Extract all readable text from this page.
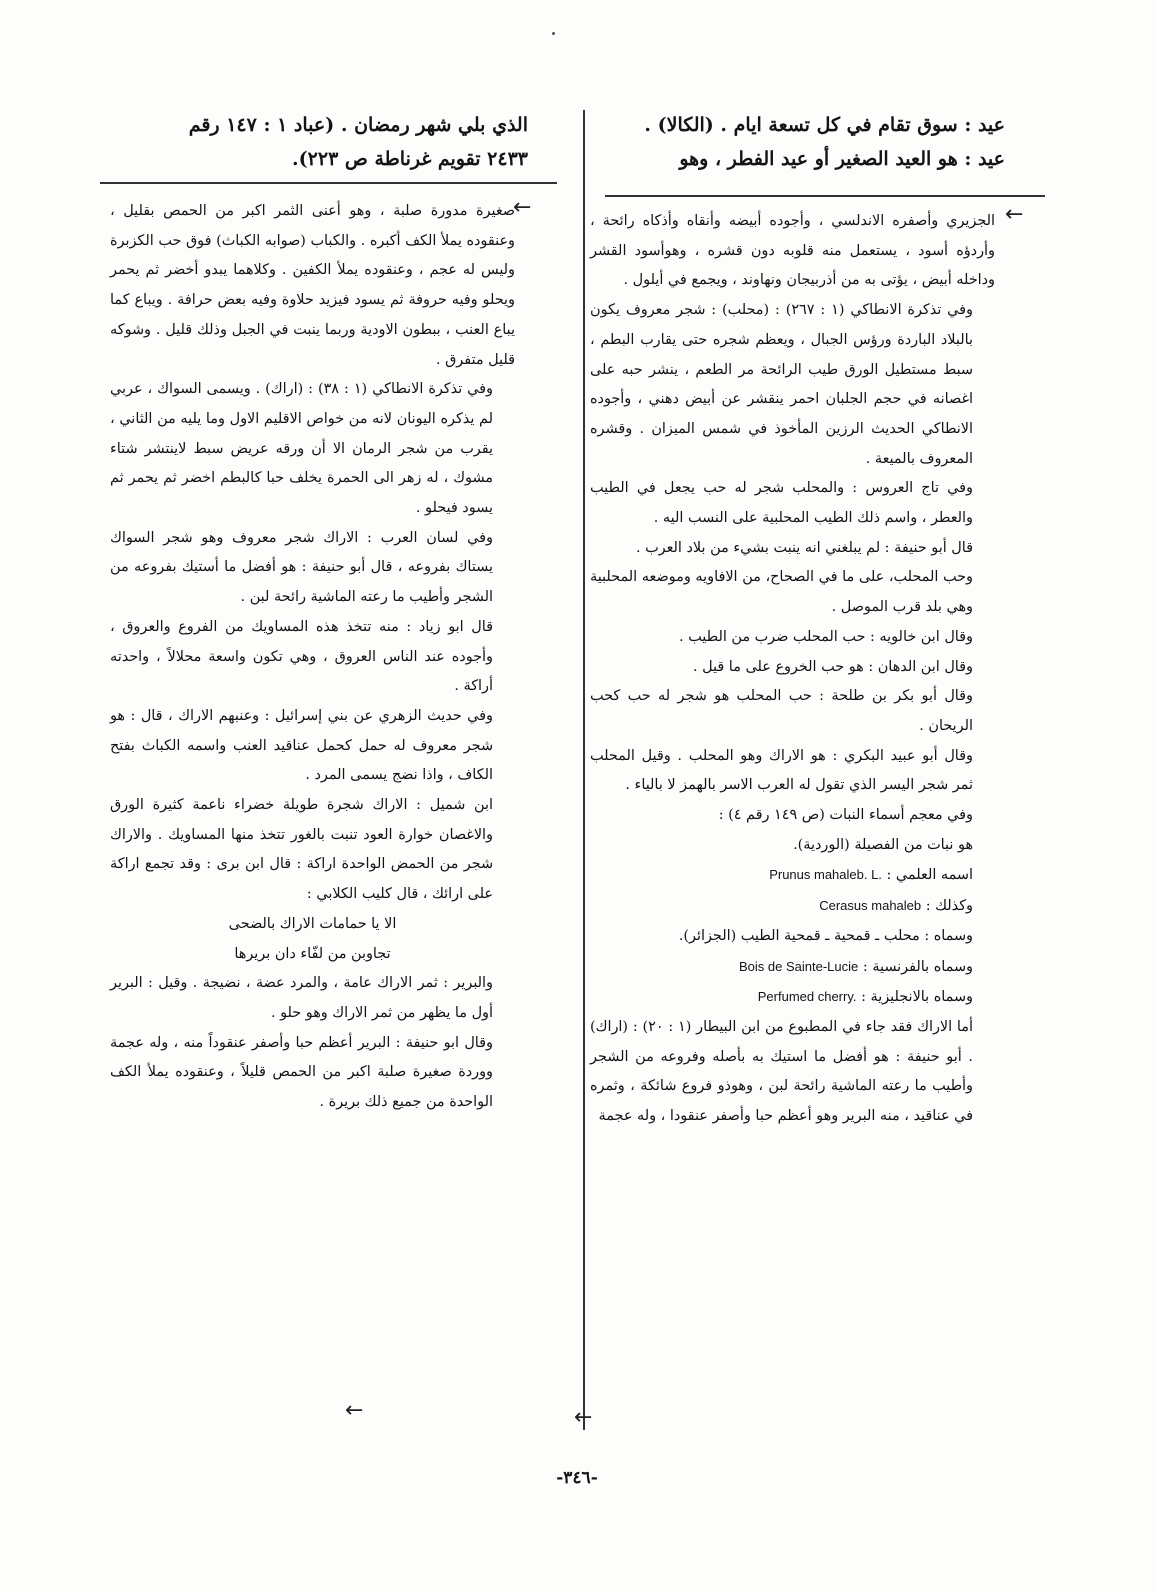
عيد : سوق تقام في كل تسعة ايام . (الكالا) .

عيد : هو العيد الصغير أو عيد الفطر ، وهو

الذي بلي شهر رمضان . (عباد ١ : ١٤٧ رقم

٢٤٣٣ تقويم غرناطة ص ٢٢٣).

←
←
←
←

الجزيري وأصفره الاندلسي ، وأجوده أبيضه وأنقاه وأذكاه رائحة ، وأردؤه أسود ، يستعمل منه قلوبه دون قشره ، وهوأسود القشر وداخله أبيض ، يؤتى به من أذربيجان ونهاوند ، ويجمع في أيلول .

وفي تذكرة الانطاكي (١ : ٢٦٧) : (محلب) : شجر معروف يكون بالبلاد الباردة ورؤس الجبال ، ويعظم شجره حتى يقارب البطم ، سبط مستطيل الورق طيب الرائحة مر الطعم ، ينشر حبه على اغصانه في حجم الجلبان احمر ينقشر عن أبيض دهني ، وأجوده الانطاكي الحديث الرزين المأخوذ في شمس الميزان . وقشره المعروف بالميعة .

وفي تاج العروس : والمحلب شجر له حب يجعل في الطيب والعطر ، واسم ذلك الطيب المحلبية على النسب اليه .

قال أبو حنيفة : لم يبلغني انه ينبت بشيء من بلاد العرب .

وحب المحلب، على ما في الصحاح، من الافاويه وموضعه المحلبية وهي بلد قرب الموصل .

وقال ابن خالويه : حب المحلب ضرب من الطيب .

وقال ابن الدهان : هو حب الخروع على ما قيل .

وقال أبو بكر بن طلحة : حب المحلب هو شجر له حب كحب الريحان .

وقال أبو عبيد البكري : هو الاراك وهو المحلب . وقيل المحلب ثمر شجر اليسر الذي تقول له العرب الاسر بالهمز لا بالياء .

وفي معجم أسماء النبات (ص ١٤٩ رقم ٤) :

هو نبات من الفصيلة (الوردية).

اسمه العلمي : Prunus mahaleb. L.

وكذلك : Cerasus mahaleb

وسماه : محلب ـ قمحية ـ قمحية الطيب (الجزائر).

وسماه بالفرنسية : Bois de Sainte-Lucie

وسماه بالانجليزية : Perfumed cherry.

أما الاراك فقد جاء في المطبوع من ابن البيطار (١ : ٢٠) : (اراك) . أبو حنيفة : هو أفضل ما استيك به بأصله وفروعه من الشجر وأطيب ما رعته الماشية رائحة لبن ، وهوذو فروع شائكة ، وثمره في عناقيد ، منه البرير وهو أعظم حبا وأصفر عنقودا ، وله عجمة

صغيرة مدورة صلبة ، وهو أعنى الثمر اكبر من الحمص بقليل ، وعنقوده يملأ الكف أكبره . والكباب (صوابه الكباث) فوق حب الكزبرة وليس له عجم ، وعنقوده يملأ الكفين . وكلاهما يبدو أخضر ثم يحمر ويحلو وفيه حروفة ثم يسود فيزيد حلاوة وفيه بعض حرافة . ويباع كما يباع العنب ، ببطون الاودية وربما ينبت في الجبل وذلك قليل . وشوكه قليل متفرق .

وفي تذكرة الانطاكي (١ : ٣٨) : (اراك) . ويسمى السواك ، عربي لم يذكره اليونان لانه من خواص الاقليم الاول وما يليه من الثاني ، يقرب من شجر الرمان الا أن ورقه عريض سبط لاينتشر شتاء مشوك ، له زهر الى الحمرة يخلف حبا كالبطم اخضر ثم يحمر ثم يسود فيحلو .

وفي لسان العرب : الاراك شجر معروف وهو شجر السواك يستاك بفروعه ، قال أبو حنيفة : هو أفضل ما أستيك بفروعه من الشجر وأطيب ما رعته الماشية رائحة لبن .

قال ابو زياد : منه تتخذ هذه المساويك من الفروع والعروق ، وأجوده عند الناس العروق ، وهي تكون واسعة محلالاً ، واحدته أراكة .

وفي حديث الزهري عن بني إسرائيل : وعنبهم الاراك ، قال : هو شجر معروف له حمل كحمل عناقيد العنب واسمه الكباث بفتح الكاف ، واذا نضج يسمى المرد .

ابن شميل : الاراك شجرة طويلة خضراء ناعمة كثيرة الورق والاغصان خوارة العود تنبت بالغور تتخذ منها المساويك . والاراك شجر من الحمض الواحدة اراكة : قال ابن برى : وقد تجمع اراكة على ارائك ، قال كليب الكلابي :

الا يا حمامات الاراك بالضحى

تجاوبن من لفّاء دان بريرها

والبرير : ثمر الاراك عامة ، والمرد عضة ، نضيجة . وقيل : البرير أول ما يظهر من ثمر الاراك وهو حلو .

وقال ابو حنيفة : البرير أعظم حبا وأصفر عنقوداً منه ، وله عجمة ووردة صغيرة صلبة اكبر من الحمص قليلاً ، وعنقوده يملأ الكف الواحدة من جميع ذلك بريرة .

-٣٤٦-
